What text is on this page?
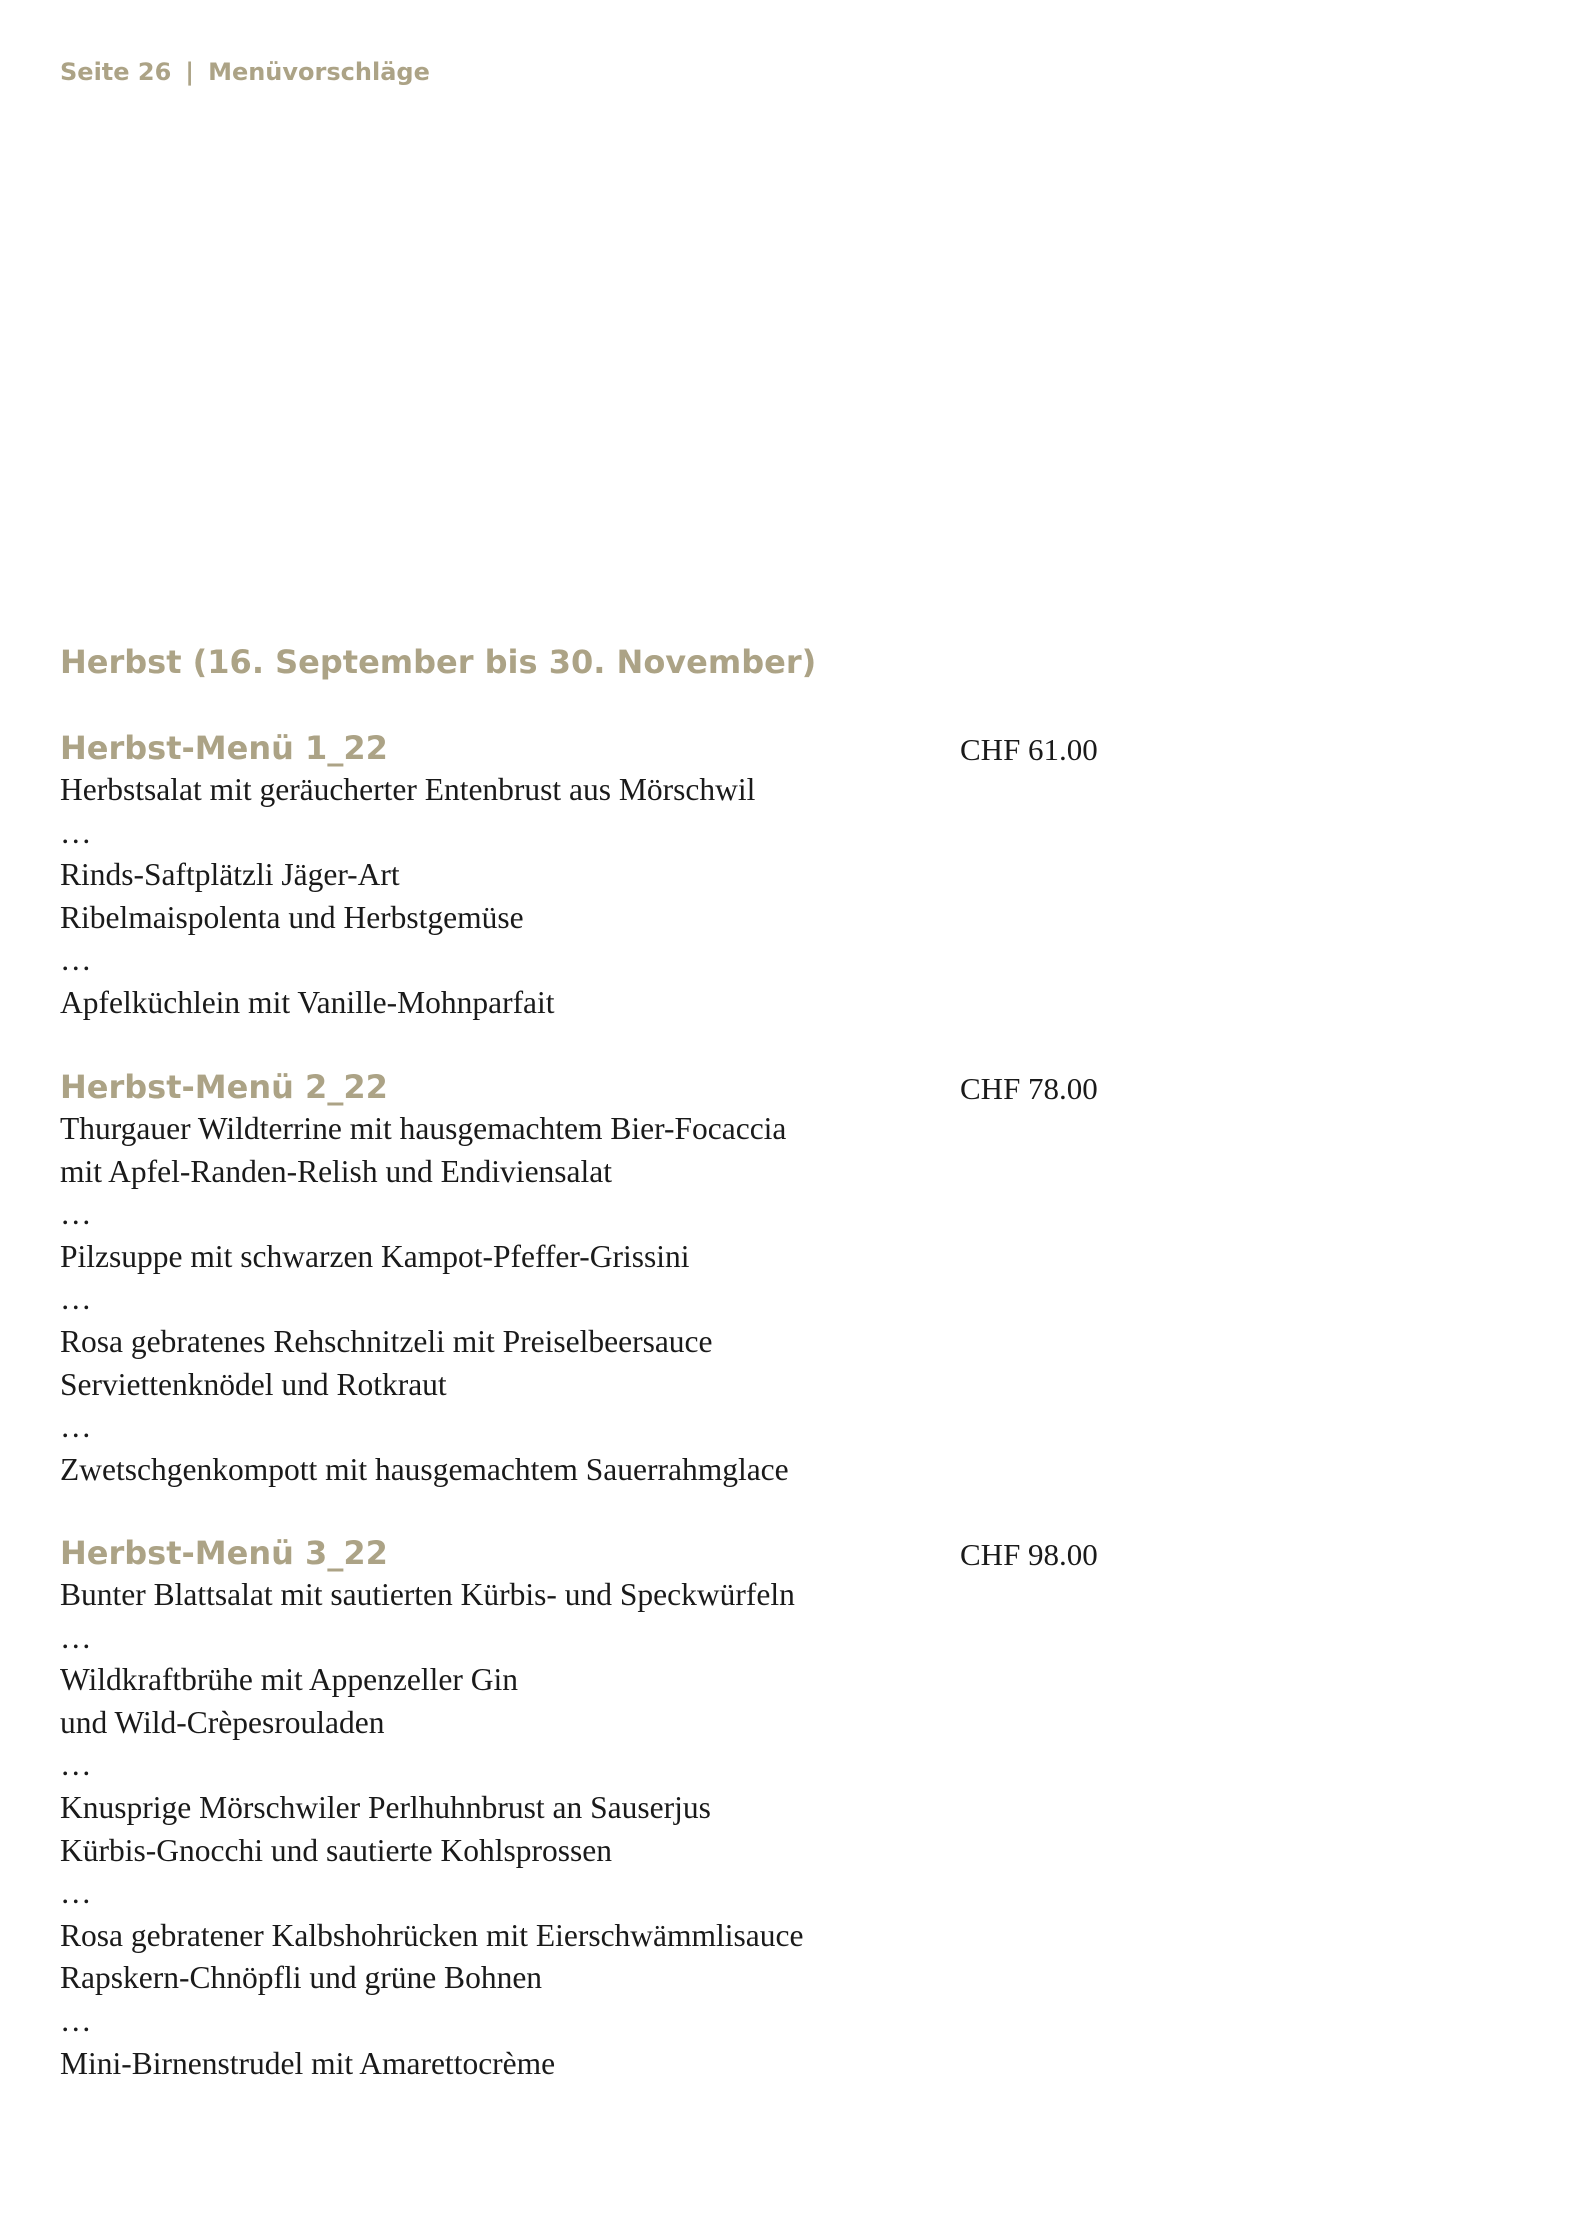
Seite 26 | Menüvorschläge
Herbst (16. September bis 30. November)
Herbst-Menü 1_22	CHF 61.00
Herbstsalat mit geräucherter Entenbrust aus Mörschwil
…
Rinds-Saftplätzli Jäger-Art
Ribelmaispolenta und Herbstgemüse
…
Apfelküchlein mit Vanille-Mohnparfait
Herbst-Menü 2_22	CHF 78.00
Thurgauer Wildterrine mit hausgemachtem Bier-Focaccia
mit Apfel-Randen-Relish und Endiviensalat
…
Pilzsuppe mit schwarzen Kampot-Pfeffer-Grissini
…
Rosa gebratenes Rehschnitzeli mit Preiselbeersauce
Serviettenknödel und Rotkraut
…
Zwetschgenkompott mit hausgemachtem Sauerrahmglace
Herbst-Menü 3_22	CHF 98.00
Bunter Blattsalat mit sautierten Kürbis- und Speckwürfeln
…
Wildkraftbrühe mit Appenzeller Gin
und Wild-Crèpesrouladen
…
Knusprige Mörschwiler Perlhuhnbrust an Sauserjus
Kürbis-Gnocchi und sautierte Kohlsprossen
…
Rosa gebratener Kalbshohrücken mit Eierschwämmlisauce
Rapskern-Chnöpfli und grüne Bohnen
…
Mini-Birnenstrudel mit Amarettocrème
